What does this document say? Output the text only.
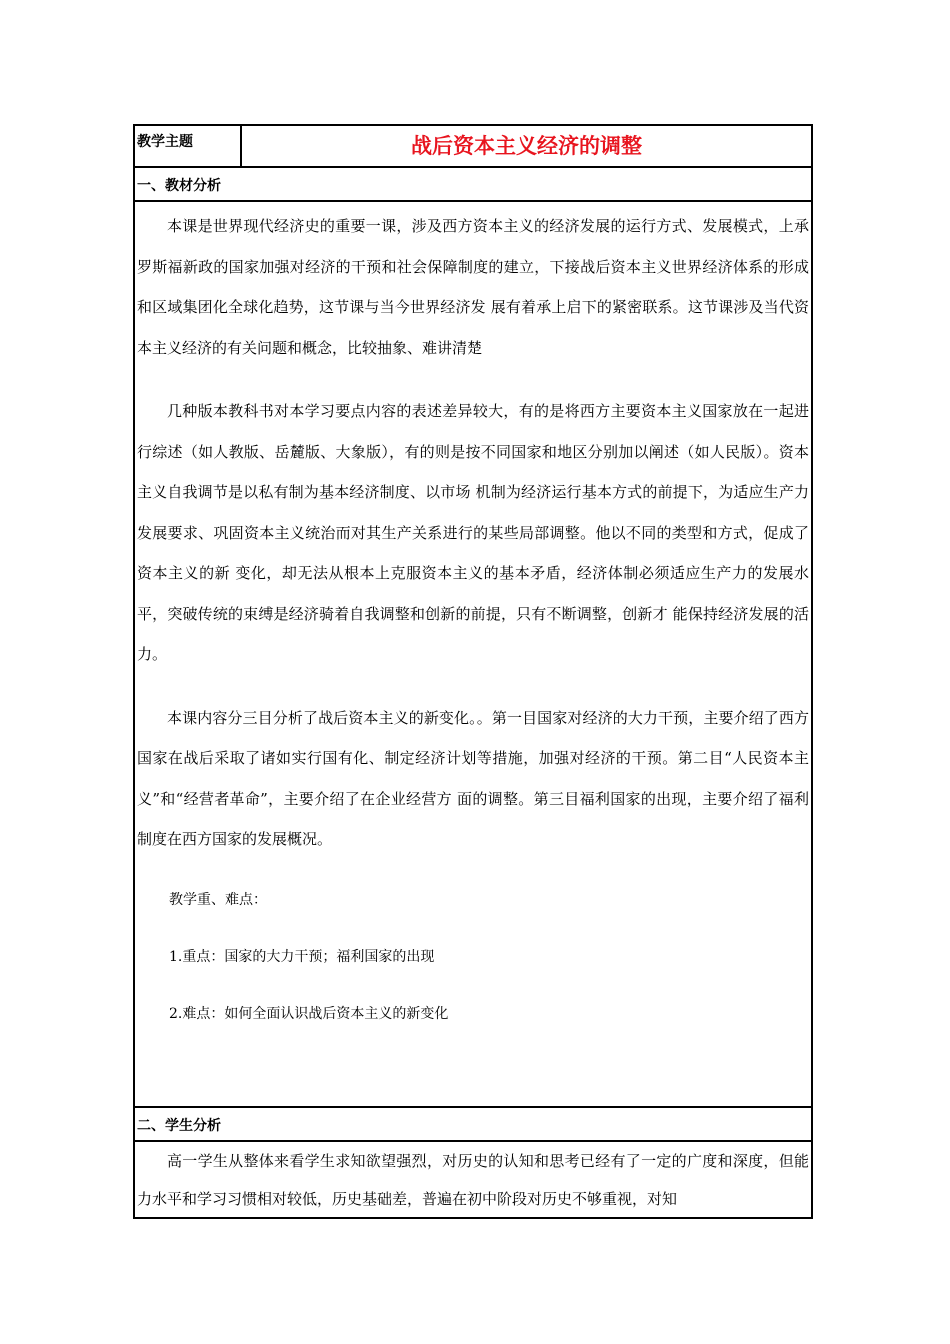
教学主题	战后资本主义经济的调整
一、教材分析

本课是世界现代经济史的重要一课，涉及西方资本主义的经济发展的运行方式、发展模式，上承罗斯福新政的国家加强对经济的干预和社会保障制度的建立，下接战后资本主义世界经济体系的形成和区域集团化全球化趋势，这节课与当今世界经济发 展有着承上启下的紧密联系。这节课涉及当代资本主义经济的有关问题和概念，比较抽象、难讲清楚

几种版本教科书对本学习要点内容的表述差异较大，有的是将西方主要资本主义国家放在一起进行综述（如人教版、岳麓版、大象版），有的则是按不同国家和地区分别加以阐述（如人民版）。资本主义自我调节是以私有制为基本经济制度、以市场 机制为经济运行基本方式的前提下，为适应生产力发展要求、巩固资本主义统治而对其生产关系进行的某些局部调整。他以不同的类型和方式，促成了资本主义的新 变化，却无法从根本上克服资本主义的基本矛盾，经济体制必须适应生产力的发展水平，突破传统的束缚是经济骑着自我调整和创新的前提，只有不断调整，创新才 能保持经济发展的活力。

本课内容分三目分析了战后资本主义的新变化。。第一目国家对经济的大力干预，主要介绍了西方国家在战后采取了诸如实行国有化、制定经济计划等措施，加强对经济的干预。第二目“人民资本主义”和“经营者革命”，主要介绍了在企业经营方 面的调整。第三目福利国家的出现，主要介绍了福利制度在西方国家的发展概况。

教学重、难点：

1.重点：国家的大力干预；福利国家的出现

2.难点：如何全面认识战后资本主义的新变化

二、学生分析

高一学生从整体来看学生求知欲望强烈，对历史的认知和思考已经有了一定的广度和深度，但能力水平和学习习惯相对较低，历史基础差，普遍在初中阶段对历史不够重视，对知
